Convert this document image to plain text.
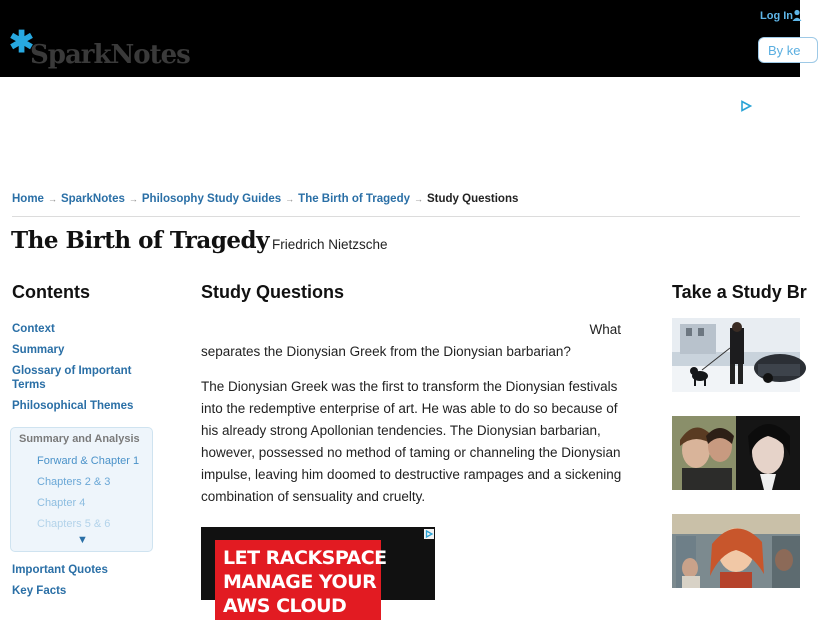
✱
SparkNotes
Log In
By ke
Home → SparkNotes → Philosophy Study Guides → The Birth of Tragedy → Study Questions
The Birth of Tragedy Friedrich Nietzsche
Contents
Context
Summary
Glossary of Important Terms
Philosophical Themes
Summary and Analysis
Forward & Chapter 1
Chapters 2 & 3
Chapter 4
Chapters 5 & 6
▼
Important Quotes
Key Facts
Study Questions
What
separates the Dionysian Greek from the Dionysian barbarian?

The Dionysian Greek was the first to transform the Dionysian festivals into the redemptive enterprise of art. He was able to do so because of his already strong Apollonian tendencies. The Dionysian barbarian, however, possessed no method of taming or channeling the Dionysian impulse, leaving him doomed to destructive rampages and a sickening combination of sensuality and cruelty.

LET RACKSPACE
MANAGE YOUR
AWS CLOUD
Take a Study Br
